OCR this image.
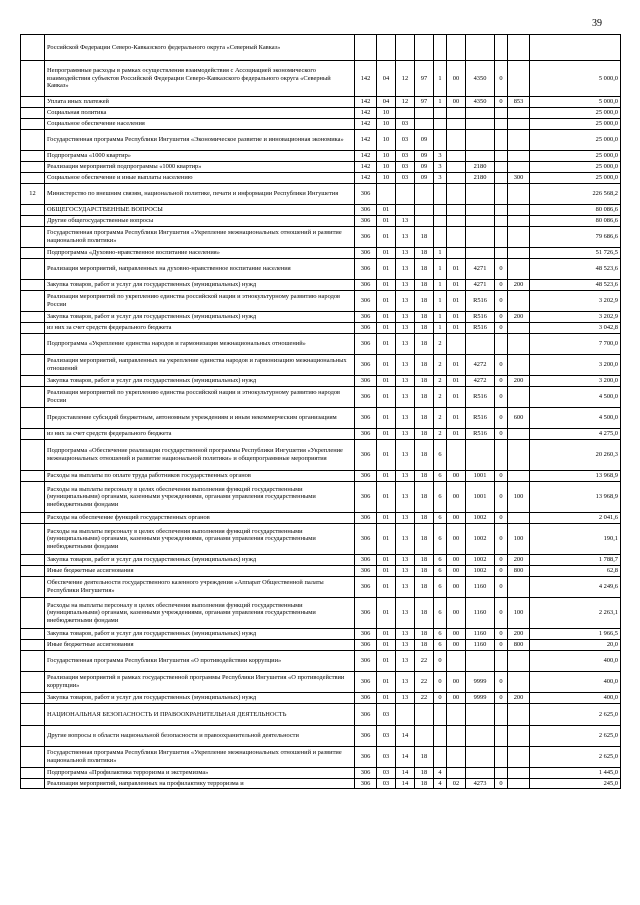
39
	Российской Федерации Северо-Кавказского федерального округа «Северный Кавказ»										
	Непрограммные расходы в рамках осуществления взаимодействия с Ассоциацией экономического взаимодействия субъектов Российской Федерации Северо-Кавказского федерального округа «Северный Кавказ»	142	04	12	97	1	00	4350	0		5 000,0
	Уплата иных платежей	142	04	12	97	1	00	4350	0	853	5 000,0
	Социальная политика	142	10								25 000,0
	Социальное обеспечение населения	142	10	03							25 000,0
	Государственная программа Республики Ингушетия «Экономическое развитие и инновационная экономика»	142	10	03	09						25 000,0
	Подпрограмма «1000 квартир»	142	10	03	09	3					25 000,0
	Реализация мероприятий подпрограммы «1000 квартир»	142	10	03	09	3		2180			25 000,0
	Социальное обеспечение и иные выплаты населению	142	10	03	09	3		2180		300	25 000,0
12	Министерство по внешним связям, национальной политике, печати и информации Республики Ингушетия	306									226 568,2
	ОБЩЕГОСУДАРСТВЕННЫЕ ВОПРОСЫ	306	01								80 086,6
	Другие общегосударственные вопросы	306	01	13							80 086,6
	Государственная программа Республики Ингушетия «Укрепление межнациональных отношений и развитие национальной политики»	306	01	13	18						79 686,6
	Подпрограмма «Духовно-нравственное воспитание населения»	306	01	13	18	1					51 726,5
	Реализация мероприятий, направленных на духовно-нравственное воспитание населения	306	01	13	18	1	01	4271	0		48 523,6
	Закупка товаров, работ и услуг для государственных (муниципальных) нужд	306	01	13	18	1	01	4271	0	200	48 523,6
	Реализация мероприятий по укреплению единства российской нации и этнокультурному развитию народов России	306	01	13	18	1	01	R516	0		3 202,9
	Закупка товаров, работ и услуг для государственных (муниципальных) нужд	306	01	13	18	1	01	R516	0	200	3 202,9
	из них за счет средств федерального бюджета	306	01	13	18	1	01	R516	0		3 042,8
	Подпрограмма «Укрепление единства народов и гармонизация межнациональных отношений»	306	01	13	18	2					7 700,0
	Реализация мероприятий, направленных на укрепление единства народов и гармонизацию межнациональных отношений	306	01	13	18	2	01	4272	0		3 200,0
	Закупка товаров, работ и услуг для государственных (муниципальных) нужд	306	01	13	18	2	01	4272	0	200	3 200,0
	Реализация мероприятий по укреплению единства российской нации и этнокультурному развитию народов России	306	01	13	18	2	01	R516	0		4 500,0
	Предоставление субсидий бюджетным, автономным учреждениям и иным некоммерческим организациям	306	01	13	18	2	01	R516	0	600	4 500,0
	из них за счет средств федерального бюджета	306	01	13	18	2	01	R516	0		4 275,0
	Подпрограмма «Обеспечение реализации государственной программы Республики Ингушетия «Укрепление межнациональных отношений и развитие национальной политики» и общепрограммные мероприятия	306	01	13	18	6					20 260,3
	Расходы на выплаты по оплате труда работников государственных органов	306	01	13	18	6	00	1001	0		13 968,9
	Расходы на выплаты персоналу в целях обеспечения выполнения функций государственными (муниципальными) органами, казенными учреждениями, органами управления государственными внебюджетными фондами	306	01	13	18	6	00	1001	0	100	13 968,9
	Расходы на обеспечение функций государственных органов	306	01	13	18	6	00	1002	0		2 041,6
	Расходы на выплаты персоналу в целях обеспечения выполнения функций государственными (муниципальными) органами, казенными учреждениями, органами управления государственными внебюджетными фондами	306	01	13	18	6	00	1002	0	100	190,1
	Закупка товаров, работ и услуг для государственных (муниципальных) нужд	306	01	13	18	6	00	1002	0	200	1 788,7
	Иные бюджетные ассигнования	306	01	13	18	6	00	1002	0	800	62,8
	Обеспечение деятельности государственного казенного учреждения «Аппарат Общественной палаты Республики Ингушетия»	306	01	13	18	6	00	1160	0		4 249,6
	Расходы на выплаты персоналу в целях обеспечения выполнения функций государственными (муниципальными) органами, казенными учреждениями, органами управления государственными внебюджетными фондами	306	01	13	18	6	00	1160	0	100	2 263,1
	Закупка товаров, работ и услуг для государственных (муниципальных) нужд	306	01	13	18	6	00	1160	0	200	1 966,5
	Иные бюджетные ассигнования	306	01	13	18	6	00	1160	0	800	20,0
	Государственная программа Республики Ингушетия «О противодействии коррупции»	306	01	13	22	0					400,0
	Реализация мероприятий в рамках государственной программы Республики Ингушетия «О противодействии коррупции»	306	01	13	22	0	00	9999	0		400,0
	Закупка товаров, работ и услуг для государственных (муниципальных) нужд	306	01	13	22	0	00	9999	0	200	400,0
	НАЦИОНАЛЬНАЯ БЕЗОПАСНОСТЬ И ПРАВООХРАНИТЕЛЬНАЯ ДЕЯТЕЛЬНОСТЬ	306	03								2 625,0
	Другие вопросы в области национальной безопасности и правоохранительной деятельности	306	03	14							2 625,0
	Государственная программа Республики Ингушетия «Укрепление межнациональных отношений и развитие национальной политики»	306	03	14	18						2 625,0
	Подпрограмма «Профилактика терроризма и экстремизма»	306	03	14	18	4					1 445,0
	Реализация мероприятий, направленных на профилактику терроризма и	306	03	14	18	4	02	4273	0		245,0
